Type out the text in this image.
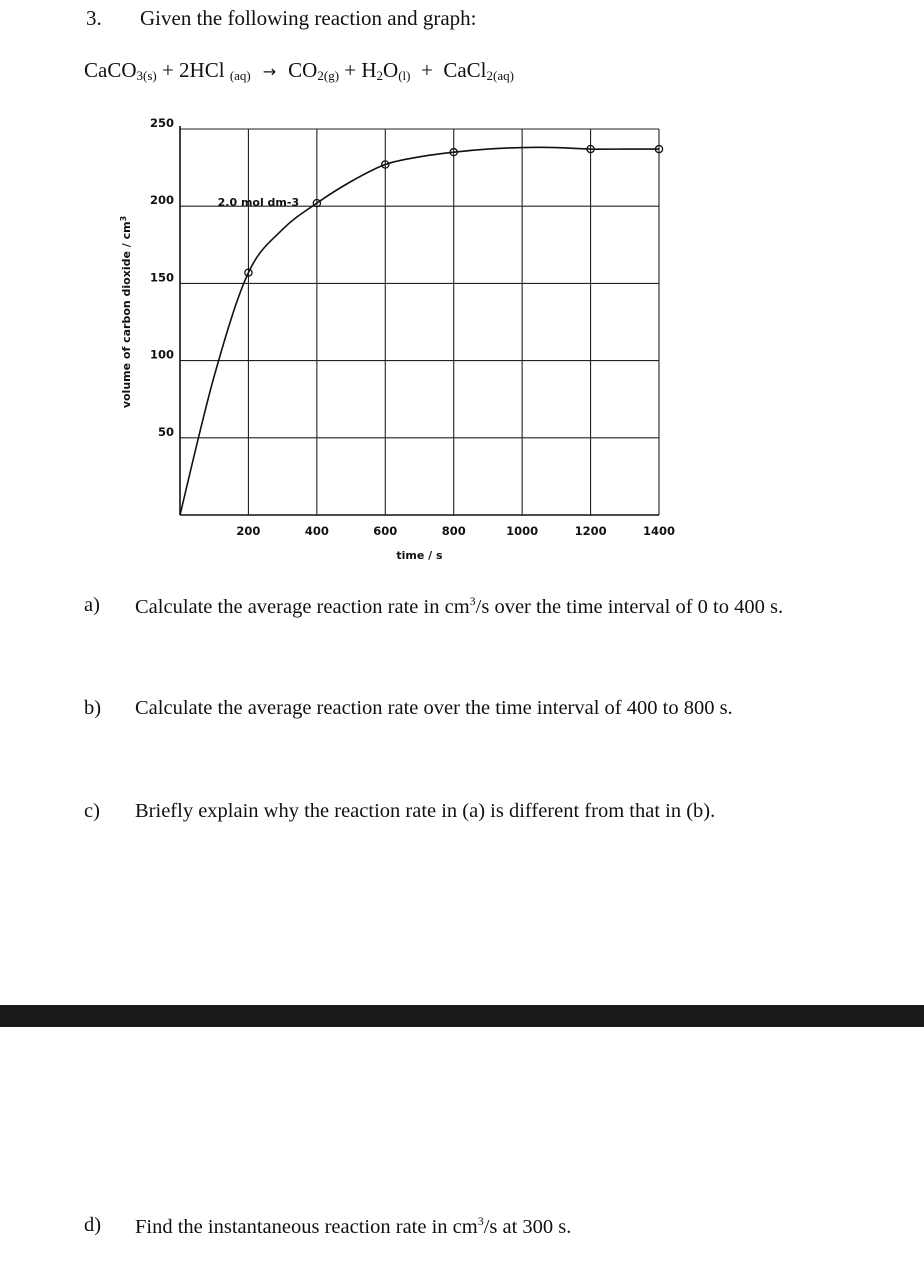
3. Given the following reaction and graph:
CaCO$_{3(s)}$ + 2HCl $_{(aq)} \to CO_{2(g)} + H_2O_{(l)}$  +  CaCl$_{2(aq)}$
200	400	600	800	1000	1200	1400
50
100
150
200
250
2.0 mol dm-3
time / s
volume of carbon dioxide / $cm^3$
a) Calculate the average reaction rate in $cm^3/s$ over the time interval of 0 to 400 s.
b) Calculate the average reaction rate over the time interval of 400 to 800 s.
c) Briefly explain why the reaction rate in (a) is different from that in (b).
d) Find the instantaneous reaction rate in $cm^3/s$ at 300 s.
